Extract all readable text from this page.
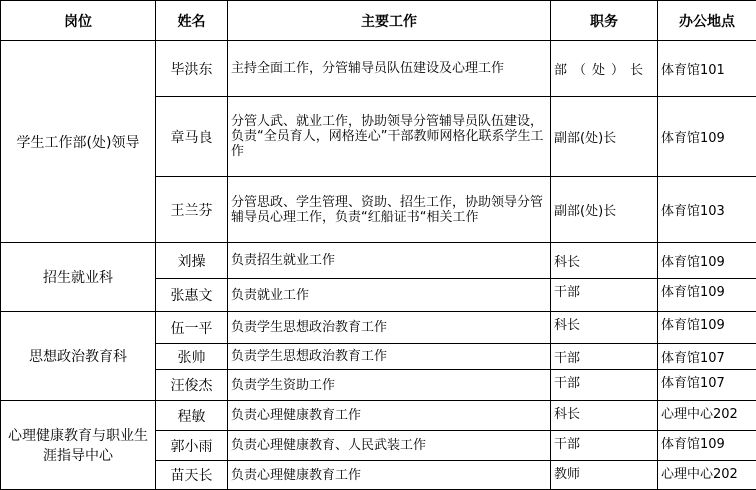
岗位	姓名	主要工作	职务	办公地点
学生工作部(处)领导	毕洪东	主持全面工作，分管辅导员队伍建设及心理工作	部（处）长	体育馆101
	章马良	分管人武、就业工作，协助领导分管辅导员队伍建设，负责“全员育人，网格连心”干部教师网格化联系学生工作	副部(处)长	体育馆109
	王兰芬	分管思政、学生管理、资助、招生工作，协助领导分管辅导员心理工作，负责“红船证书“相关工作	副部(处)长	体育馆103
招生就业科	刘操	负责招生就业工作	科长	体育馆109
	张惠文	负责就业工作	干部	体育馆109
思想政治教育科	伍一平	负责学生思想政治教育工作	科长	体育馆109
	张帅	负责学生思想政治教育工作	干部	体育馆107
	汪俊杰	负责学生资助工作	干部	体育馆107
心理健康教育与职业生涯指导中心	程敏	负责心理健康教育工作	科长	心理中心202
	郭小雨	负责心理健康教育、人民武装工作	干部	体育馆109
	苗天长	负责心理健康教育工作	教师	心理中心202
